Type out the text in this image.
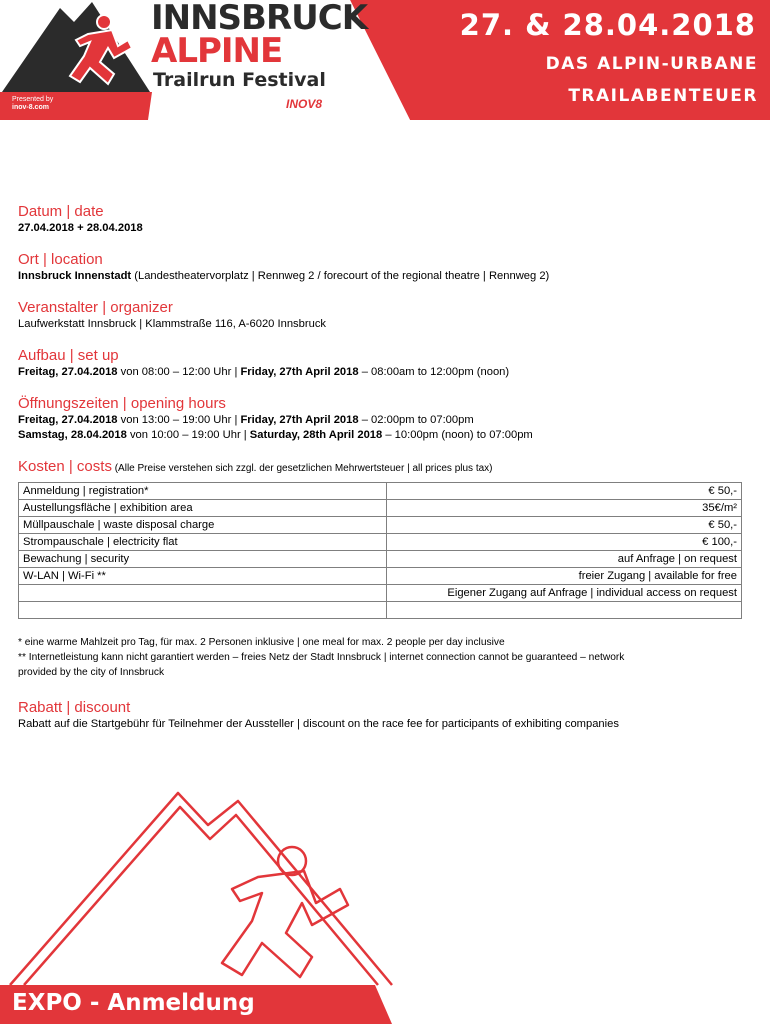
INNSBRUCK
ALPINE
Trailrun Festival
Presented by
inov-8.com	INOV8
27. & 28.04.2018
DAS ALPIN-URBANE
TRAILABENTEUER
Datum | date
27.04.2018 + 28.04.2018
Ort | location
Innsbruck Innenstadt (Landestheatervorplatz | Rennweg 2 / forecourt of the regional theatre | Rennweg 2)
Veranstalter | organizer
Laufwerkstatt Innsbruck | Klammstraße 116, A-6020 Innsbruck
Aufbau | set up
Freitag, 27.04.2018 von 08:00 – 12:00 Uhr | Friday, 27th April 2018 – 08:00am to 12:00pm (noon)
Öffnungszeiten | opening hours
Freitag, 27.04.2018 von 13:00 – 19:00 Uhr | Friday, 27th April 2018 – 02:00pm to 07:00pm
Samstag, 28.04.2018 von 10:00 – 19:00 Uhr | Saturday, 28th April 2018 – 10:00pm (noon) to 07:00pm
Kosten | costs (Alle Preise verstehen sich zzgl. der gesetzlichen Mehrwertsteuer | all prices plus tax)
Anmeldung | registration*	€ 50,-
Austellungsfläche | exhibition area	35€/m²
Müllpauschale | waste disposal charge	€ 50,-
Strompauschale | electricity flat	€ 100,-
Bewachung | security	auf Anfrage | on request
W-LAN | Wi-Fi **	freier Zugang | available for free
	Eigener Zugang auf Anfrage | individual access on request

* eine warme Mahlzeit pro Tag, für max. 2 Personen inklusive | one meal for max. 2 people per day inclusive
** Internetleistung kann nicht garantiert werden – freies Netz der Stadt Innsbruck | internet connection cannot be guaranteed – network
provided by the city of Innsbruck
Rabatt | discount
Rabatt auf die Startgebühr für Teilnehmer der Aussteller | discount on the race fee for participants of exhibiting companies
EXPO - Anmeldung
